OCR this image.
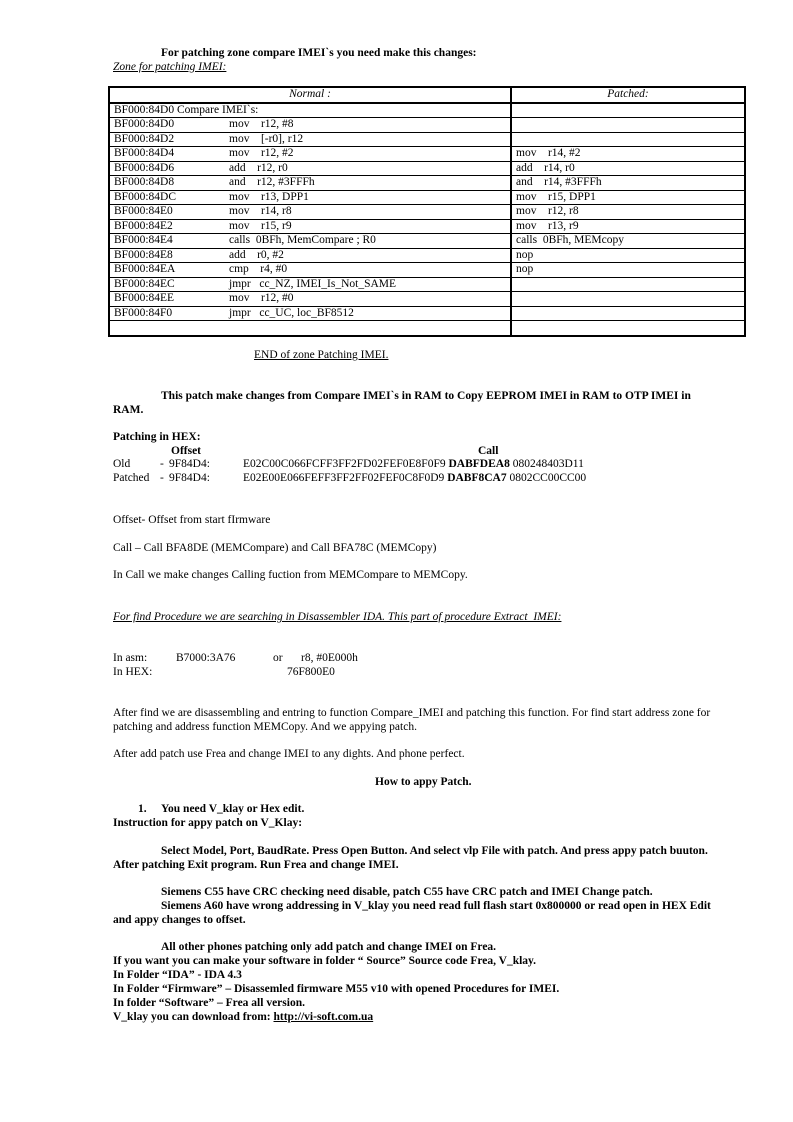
For patching zone compare IMEI`s you need make this changes:
Zone for patching IMEI:
Normal :	Patched:
BF000:84D0 Compare IMEI`s:	
BF000:84D0 mov    r12, #8	
BF000:84D2 mov    [-r0], r12	
BF000:84D4 mov    r12, #2	mov    r14, #2
BF000:84D6 add    r12, r0	add    r14, r0
BF000:84D8 and    r12, #3FFFh	and    r14, #3FFFh
BF000:84DC mov    r13, DPP1	mov    r15, DPP1
BF000:84E0 mov    r14, r8	mov    r12, r8
BF000:84E2 mov    r15, r9	mov    r13, r9
BF000:84E4 calls  0BFh, MemCompare ; R0	calls  0BFh, MEMcopy
BF000:84E8 add    r0, #2	nop
BF000:84EA cmp    r4, #0	nop
BF000:84EC jmpr   cc_NZ, IMEI_Is_Not_SAME	
BF000:84EE mov    r12, #0	
BF000:84F0 jmpr   cc_UC, loc_BF8512	

END of zone Patching IMEI.
This patch make changes from Compare IMEI`s in RAM to Copy EEPROM IMEI in RAM to OTP IMEI in
RAM.
Patching in HEX:
Offset	Call
Old	- 9F84D4:	E02C00C066FCFF3FF2FD02FEF0E8F0F9 DABFDEA8 080248403D11
Patched - 9F84D4:	E02E00E066FEFF3FF2FF02FEF0C8F0D9 DABF8CA7 0802CC00CC00
Offset- Offset from start fIrmware
Call – Call BFA8DE (MEMCompare) and Call BFA78C (MEMCopy)
In Call we make changes Calling fuction from MEMCompare to MEMCopy.
For find Procedure we are searching in Disassembler IDA. This part of procedure Extract_IMEI:
In asm:	B7000:3A76	or r8, #0E000h
In HEX:	76F800E0
After find we are disassembling and entring to function Compare_IMEI and patching this function. For find start address zone for
patching and address function MEMCopy. And we appying patch.
After add patch use Frea and change IMEI to any dights. And phone perfect.
How to appy Patch.
1. You need V_klay or Hex edit.
Instruction for appy patch on V_Klay:
Select Model, Port, BaudRate. Press Open Button. And select vlp File with patch. And press appy patch buuton.
After patching Exit program. Run Frea and change IMEI.
Siemens C55 have CRC checking need disable, patch C55 have CRC patch and IMEI Change patch.
Siemens A60 have wrong addressing in V_klay you need read full flash start 0x800000 or read open in HEX Edit
and appy changes to offset.
All other phones patching only add patch and change IMEI on Frea.
If you want you can make your software in folder “ Source” Source code Frea, V_klay.
In Folder “IDA” - IDA 4.3
In Folder “Firmware” – Disassemled firmware M55 v10 with opened Procedures for IMEI.
In folder “Software” – Frea all version.
V_klay you can download from: http://vi-soft.com.ua
